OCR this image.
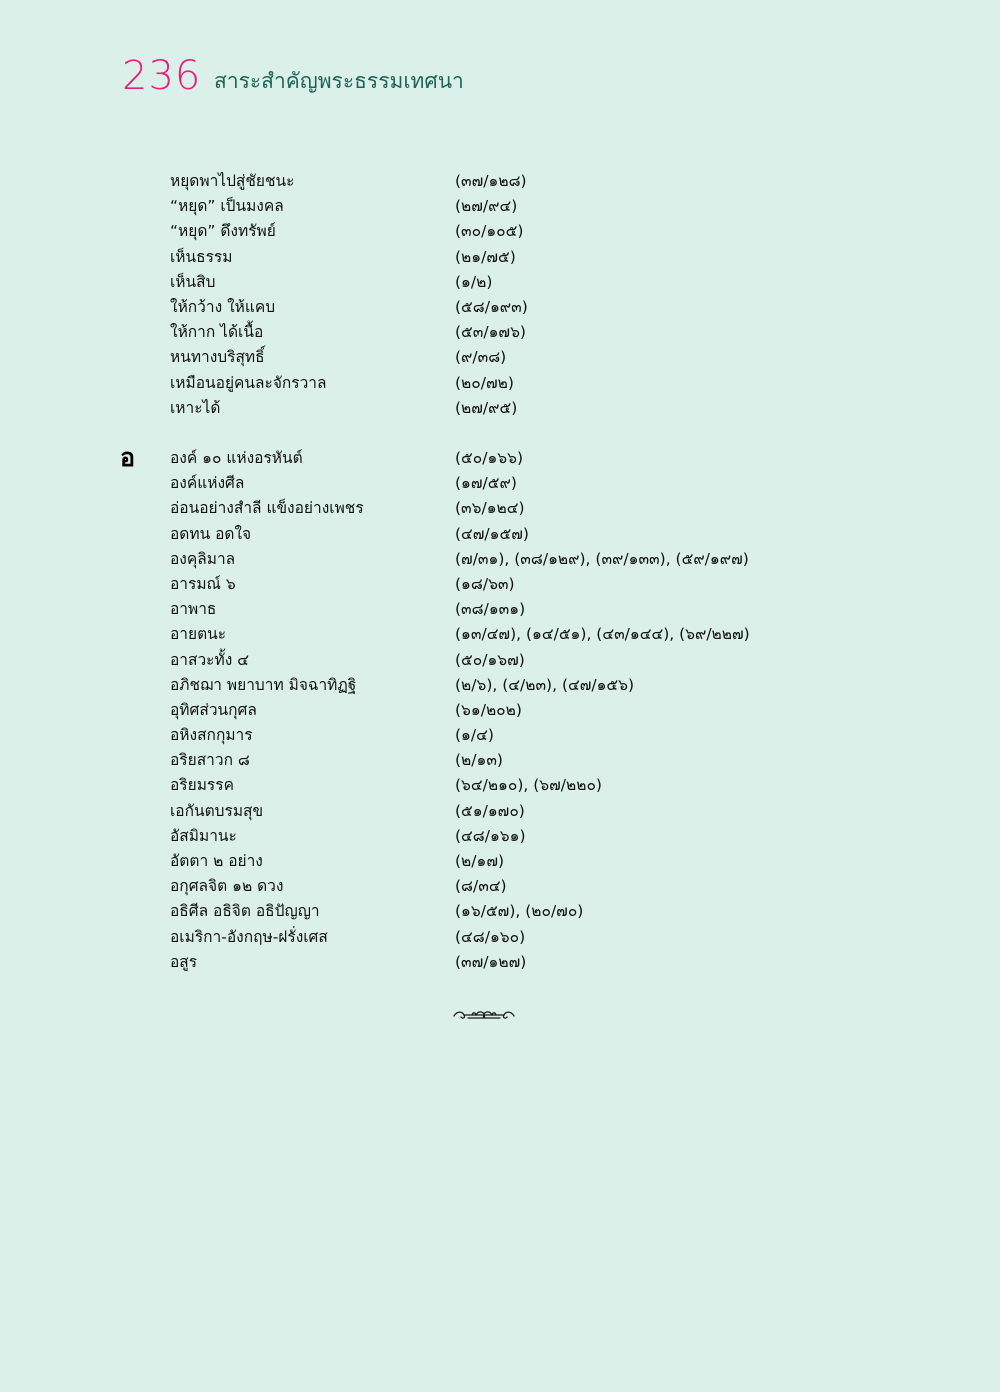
236 สาระสำคัญพระธรรมเทศนา
หยุดพาไปสู่ชัยชนะ	(๓๗/๑๒๘)
“หยุด” เป็นมงคล	(๒๗/๙๔)
“หยุด” ดึงทรัพย์	(๓๐/๑๐๕)
เห็นธรรม	(๒๑/๗๕)
เห็นสิบ	(๑/๒)
ให้กว้าง ให้แคบ	(๕๘/๑๙๓)
ให้กาก ได้เนื้อ	(๕๓/๑๗๖)
หนทางบริสุทธิ์	(๙/๓๘)
เหมือนอยู่คนละจักรวาล	(๒๐/๗๒)
เหาะได้	(๒๗/๙๕)
อ องค์ ๑๐ แห่งอรหันต์	(๕๐/๑๖๖)
องค์แห่งศีล	(๑๗/๕๙)
อ่อนอย่างสำลี แข็งอย่างเพชร	(๓๖/๑๒๔)
อดทน อดใจ	(๔๗/๑๕๗)
องคุลิมาล	(๗/๓๑), (๓๘/๑๒๙), (๓๙/๑๓๓), (๕๙/๑๙๗)
อารมณ์ ๖	(๑๘/๖๓)
อาพาธ	(๓๘/๑๓๑)
อายตนะ	(๑๓/๔๗), (๑๔/๕๑), (๔๓/๑๔๔), (๖๙/๒๒๗)
อาสวะทั้ง ๔	(๕๐/๑๖๗)
อภิชฌา พยาบาท มิจฉาทิฏฐิ	(๒/๖), (๔/๒๓), (๔๗/๑๕๖)
อุทิศส่วนกุศล	(๖๑/๒๐๒)
อหิงสกกุมาร	(๑/๔)
อริยสาวก ๘	(๒/๑๓)
อริยมรรค	(๖๔/๒๑๐), (๖๗/๒๒๐)
เอกันตบรมสุข	(๕๑/๑๗๐)
อัสมิมานะ	(๔๘/๑๖๑)
อัตตา ๒ อย่าง	(๒/๑๗)
อกุศลจิต ๑๒ ดวง	(๘/๓๔)
อธิศีล อธิจิต อธิปัญญา	(๑๖/๕๗), (๒๐/๗๐)
อเมริกา-อังกฤษ-ฝรั่งเศส	(๔๘/๑๖๐)
อสูร	(๓๗/๑๒๗)
